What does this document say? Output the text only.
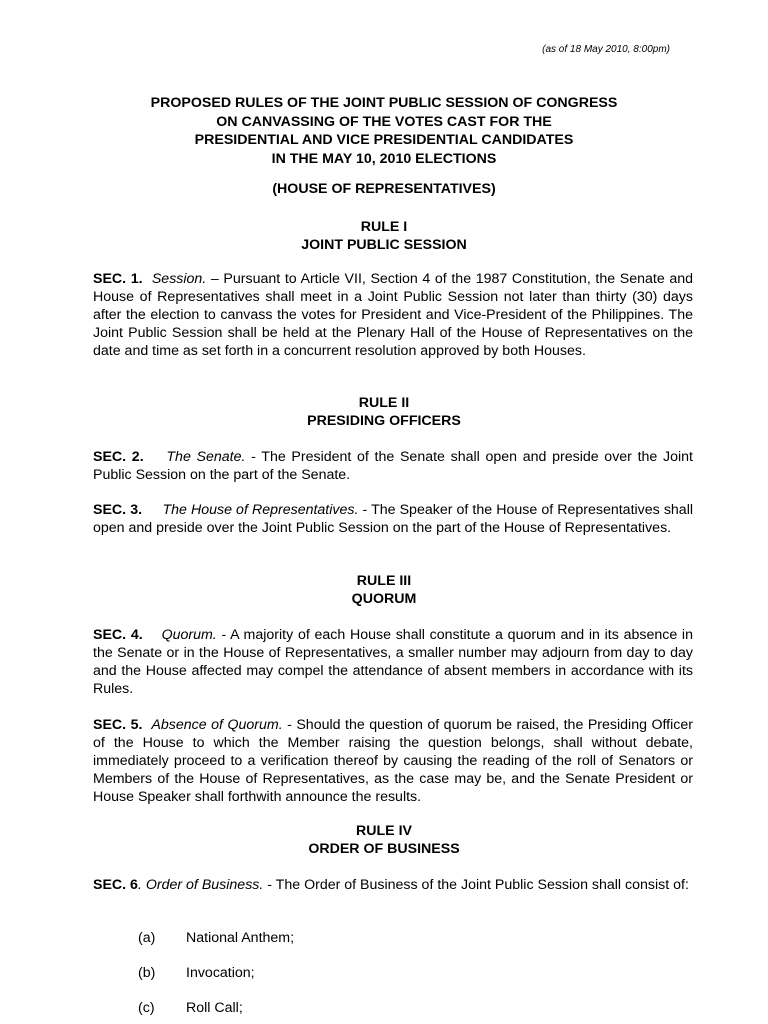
(as of 18 May 2010, 8:00pm)
PROPOSED RULES OF THE JOINT PUBLIC SESSION OF CONGRESS
ON CANVASSING OF THE VOTES CAST FOR THE
PRESIDENTIAL AND VICE PRESIDENTIAL CANDIDATES
IN THE MAY 10, 2010 ELECTIONS
(HOUSE OF REPRESENTATIVES)
RULE I
JOINT PUBLIC SESSION
SEC. 1. Session. – Pursuant to Article VII, Section 4 of the 1987 Constitution, the Senate and House of Representatives shall meet in a Joint Public Session not later than thirty (30) days after the election to canvass the votes for President and Vice-President of the Philippines. The Joint Public Session shall be held at the Plenary Hall of the House of Representatives on the date and time as set forth in a concurrent resolution approved by both Houses.
RULE II
PRESIDING OFFICERS
SEC. 2. The Senate. - The President of the Senate shall open and preside over the Joint Public Session on the part of the Senate.
SEC. 3. The House of Representatives. - The Speaker of the House of Representatives shall open and preside over the Joint Public Session on the part of the House of Representatives.
RULE III
QUORUM
SEC. 4. Quorum. - A majority of each House shall constitute a quorum and in its absence in the Senate or in the House of Representatives, a smaller number may adjourn from day to day and the House affected may compel the attendance of absent members in accordance with its Rules.
SEC. 5. Absence of Quorum. - Should the question of quorum be raised, the Presiding Officer of the House to which the Member raising the question belongs, shall without debate, immediately proceed to a verification thereof by causing the reading of the roll of Senators or Members of the House of Representatives, as the case may be, and the Senate President or House Speaker shall forthwith announce the results.
RULE IV
ORDER OF BUSINESS
SEC. 6. Order of Business. - The Order of Business of the Joint Public Session shall consist of:
(a) National Anthem;
(b) Invocation;
(c) Roll Call;
